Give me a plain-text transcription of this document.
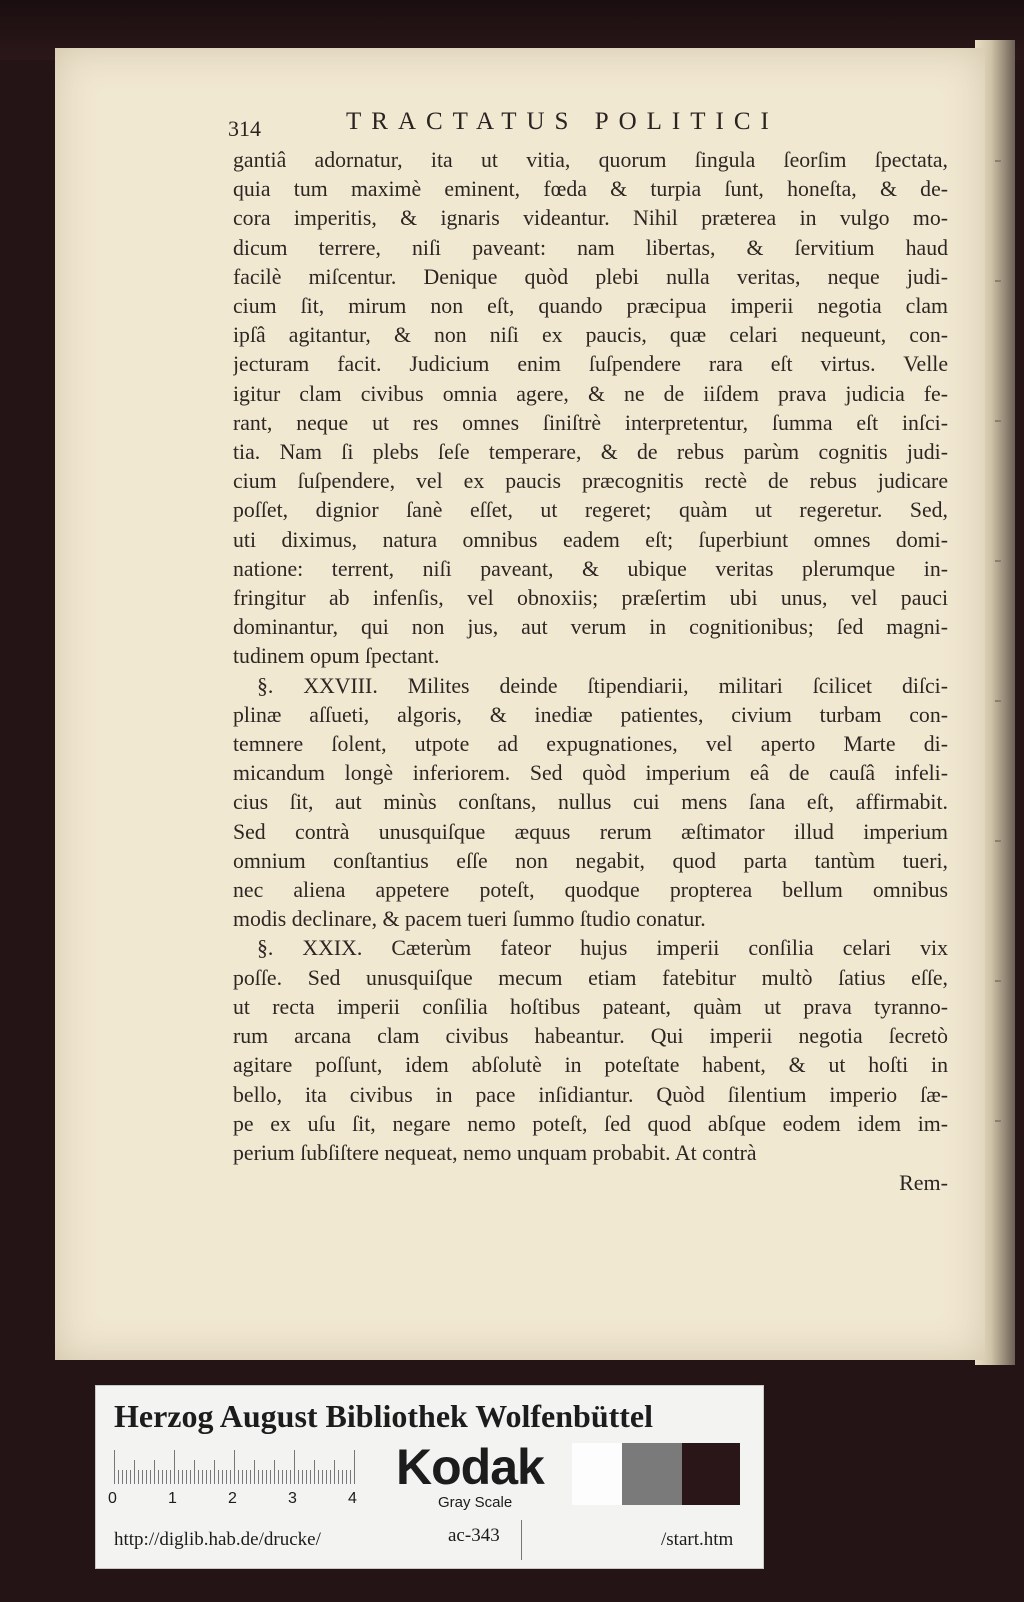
314	TRACTATUS POLITICI
gantiâ adornatur, ita ut vitia, quorum ſingula ſeorſim ſpectata,
quia tum maximè eminent, fœda & turpia ſunt, honeſta, & de-
cora imperitis, & ignaris videantur. Nihil præterea in vulgo mo-
dicum terrere, niſi paveant: nam libertas, & ſervitium haud
facilè miſcentur. Denique quòd plebi nulla veritas, neque judi-
cium ſit, mirum non eſt, quando præcipua imperii negotia clam
ipſâ agitantur, & non niſi ex paucis, quæ celari nequeunt, con-
jecturam facit. Judicium enim ſuſpendere rara eſt virtus. Velle
igitur clam civibus omnia agere, & ne de iiſdem prava judicia fe-
rant, neque ut res omnes ſiniſtrè interpretentur, ſumma eſt inſci-
tia. Nam ſi plebs ſeſe temperare, & de rebus parùm cognitis judi-
cium ſuſpendere, vel ex paucis præcognitis rectè de rebus judicare
poſſet, dignior ſanè eſſet, ut regeret; quàm ut regeretur. Sed,
uti diximus, natura omnibus eadem eſt; ſuperbiunt omnes domi-
natione: terrent, niſi paveant, & ubique veritas plerumque in-
fringitur ab infenſis, vel obnoxiis; præſertim ubi unus, vel pauci
dominantur, qui non jus, aut verum in cognitionibus; ſed magni-
tudinem opum ſpectant.
§. XXVIII. Milites deinde ſtipendiarii, militari ſcilicet diſci-
plinæ aſſueti, algoris, & inediæ patientes, civium turbam con-
temnere ſolent, utpote ad expugnationes, vel aperto Marte di-
micandum longè inferiorem. Sed quòd imperium eâ de cauſâ infeli-
cius ſit, aut minùs conſtans, nullus cui mens ſana eſt, affirmabit.
Sed contrà unusquiſque æquus rerum æſtimator illud imperium
omnium conſtantius eſſe non negabit, quod parta tantùm tueri,
nec aliena appetere poteſt, quodque propterea bellum omnibus
modis declinare, & pacem tueri ſummo ſtudio conatur.
§. XXIX. Cæterùm fateor hujus imperii conſilia celari vix
poſſe. Sed unusquiſque mecum etiam fatebitur multò ſatius eſſe,
ut recta imperii conſilia hoſtibus pateant, quàm ut prava tyranno-
rum arcana clam civibus habeantur. Qui imperii negotia ſecretò
agitare poſſunt, idem abſolutè in poteſtate habent, & ut hoſti in
bello, ita civibus in pace inſidiantur. Quòd ſilentium imperio ſæ-
pe ex uſu ſit, negare nemo poteſt, ſed quod abſque eodem idem im-
perium ſubſiſtere nequeat, nemo unquam probabit. At contrà
Rem-
Herzog August Bibliothek Wolfenbüttel
0	1	2	3	4
Kodak
Gray Scale
http://diglib.hab.de/drucke/	ac-343	/start.htm
